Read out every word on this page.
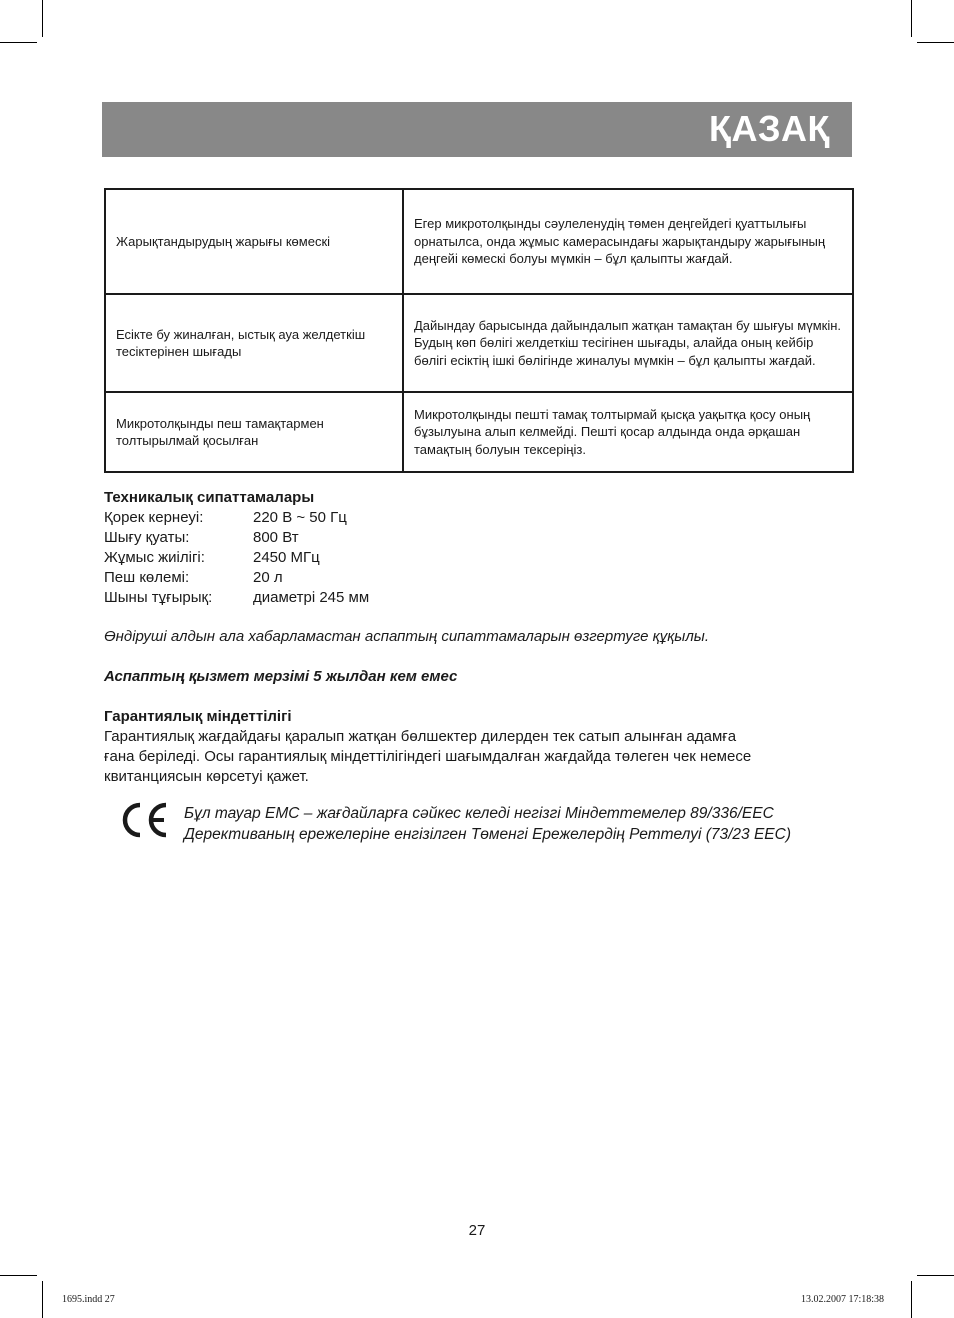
ҚАЗАҚ
Жарықтандырудың жарығы көмескі	Егер микротолқынды сәулеленудің төмен деңгейдегі қуаттылығы орнатылса, онда жұмыс камерасындағы жарықтандыру жарығының деңгейі көмескі болуы мүмкін – бұл қалыпты жағдай.
Есікте бу жиналған, ыстық ауа желдеткіш тесіктерінен шығады	Дайындау барысында дайындалып жатқан тамақтан бу шығуы мүмкін. Будың көп бөлігі желдеткіш тесігінен шығады, алайда оның кейбір бөлігі есіктің ішкі бөлігінде жиналуы мүмкін – бұл қалыпты жағдай.
Микротолқынды пеш тамақтармен толтырылмай қосылған	Микротолқынды пешті тамақ толтырмай қысқа уақытқа қосу оның бұзылуына алып келмейді. Пешті қосар алдында онда әрқашан тамақтың болуын тексеріңіз.
Техникалық сипаттамалары
Қорек кернеуі:	220 В ~ 50 Гц
Шығу қуаты:	800 Вт
Жұмыс жиілігі:	2450 МГц
Пеш көлемі:	20 л
Шыны тұғырық:	диаметрі 245 мм
Өндіруші алдын ала хабарламастан аспаптың сипаттамаларын өзгертуге құқылы.
Аспаптың қызмет мерзімі 5 жылдан кем емес
Гарантиялық міндеттілігі
Гарантиялық жағдайдағы қаралып жатқан бөлшектер дилерден тек сатып алынған адамға
ғана беріледі. Осы гарантиялық міндеттілігіндегі шағымдалған жағдайда төлеген чек немесе
квитанциясын көрсетуі қажет.
Бұл тауар ЕМС – жағдайларға сәйкес келеді негізгі Міндеттемелер 89/336/ЕЕС
Дерективаның ережелеріне енгізілген Төменгі Ережелердің Реттелуі (73/23 ЕЕС)
27
1695.indd 27	13.02.2007 17:18:38
